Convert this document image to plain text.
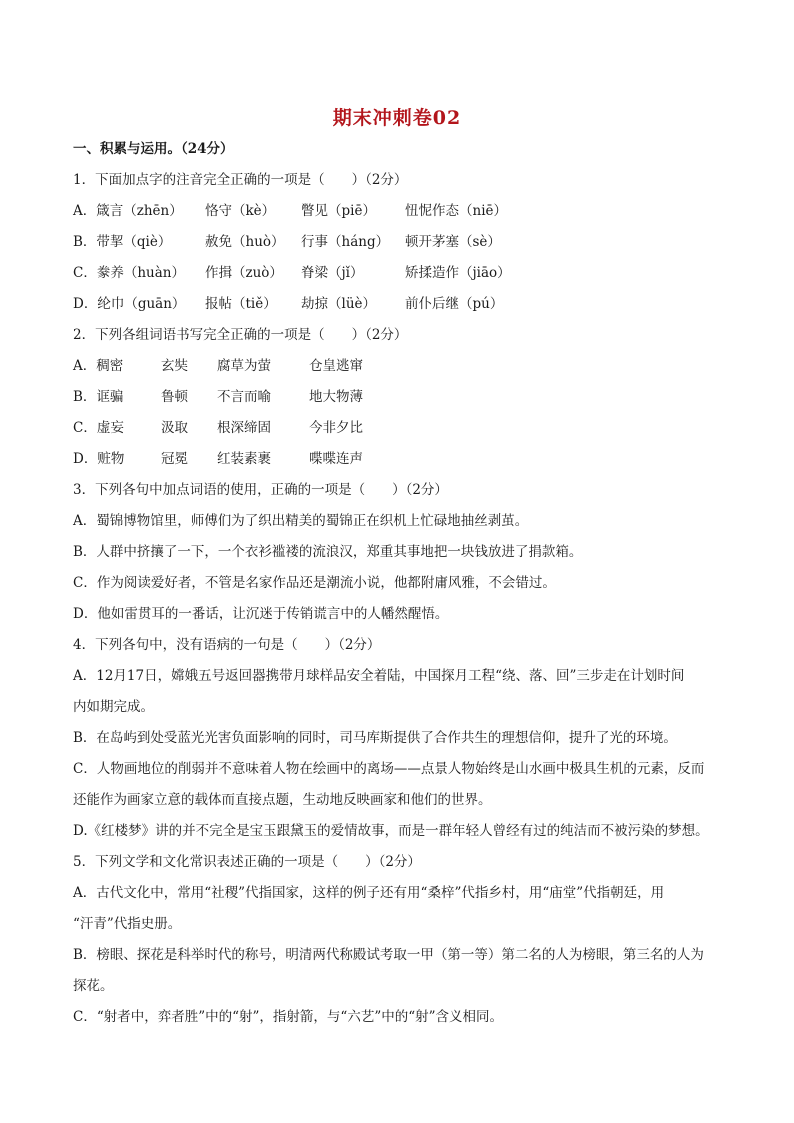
期末冲刺卷02
一、积累与运用。（24分）
1．下面加点字的注音完全正确的一项是（　　）（2分）
A．箴言（zhēn）	恪守（kè）	瞥见（piē）	忸怩作态（niē）
B．带挈（qiè）	赦免（huò）	行事（háng）	顿开茅塞（sè）
C．豢养（huàn）	作揖（zuò）	脊梁（jǐ）	矫揉造作（jiāo）
D．纶巾（guān）	报帖（tiě）	劫掠（lüè）	前仆后继（pú）
2．下列各组词语书写完全正确的一项是（　　）（2分）
A．稠密	玄奘	腐草为萤	仓皇逃窜
B．诓骗	鲁顿	不言而喻	地大物薄
C．虚妄	汲取	根深缔固	今非夕比
D．赃物	冠冕	红装素裹	喋喋连声
3．下列各句中加点词语的使用，正确的一项是（　　）（2分）
A．蜀锦博物馆里，师傅们为了织出精美的蜀锦正在织机上忙碌地抽丝剥茧。
B．人群中挤攘了一下，一个衣衫褴褛的流浪汉，郑重其事地把一块钱放进了捐款箱。
C．作为阅读爱好者，不管是名家作品还是潮流小说，他都附庸风雅，不会错过。
D．他如雷贯耳的一番话，让沉迷于传销谎言中的人幡然醒悟。
4．下列各句中，没有语病的一句是（　　）（2分）
A．12月17日，嫦娥五号返回器携带月球样品安全着陆，中国探月工程“绕、落、回”三步走在计划时间
内如期完成。
B．在岛屿到处受蓝光光害负面影响的同时，司马库斯提供了合作共生的理想信仰，提升了光的环境。
C．人物画地位的削弱并不意味着人物在绘画中的离场——点景人物始终是山水画中极具生机的元素，反而
还能作为画家立意的载体而直接点题，生动地反映画家和他们的世界。
D.《红楼梦》讲的并不完全是宝玉跟黛玉的爱情故事，而是一群年轻人曾经有过的纯洁而不被污染的梦想。
5．下列文学和文化常识表述正确的一项是（　　）（2分）
A．古代文化中，常用“社稷”代指国家，这样的例子还有用“桑梓”代指乡村，用“庙堂”代指朝廷，用
“汗青”代指史册。
B．榜眼、探花是科举时代的称号，明清两代称殿试考取一甲（第一等）第二名的人为榜眼，第三名的人为
探花。
C．“射者中，弈者胜”中的“射”，指射箭，与“六艺”中的“射”含义相同。
